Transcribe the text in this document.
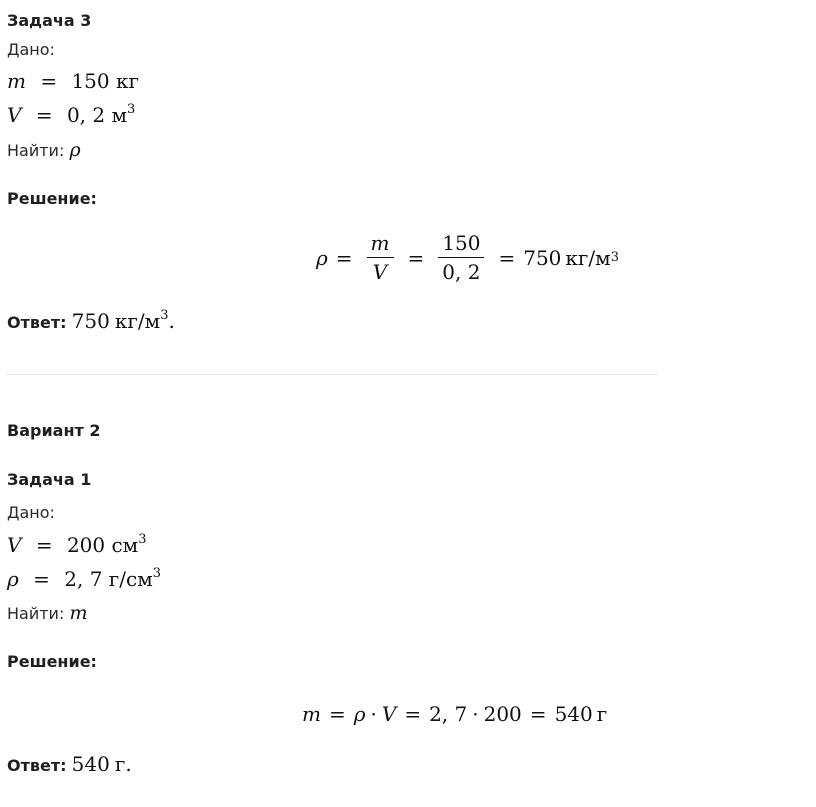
Задача 3
Дано:
m = 150 кг
V = 0, 2 $м^3$
Найти: ρ
Решение:
$\rho = \frac{m}{V} = \frac{150}{0, 2} = 750$ кг/м 3
Ответ: 750 $кг/м^3$.
Вариант 2
Задача 1
Дано:
V = 200 $см^3$
ρ = 2, 7 $г/см^3$
Найти: m
Решение:
m = ρ · V = 2, 7 · 200 = 540 г
Ответ: 540 г.
